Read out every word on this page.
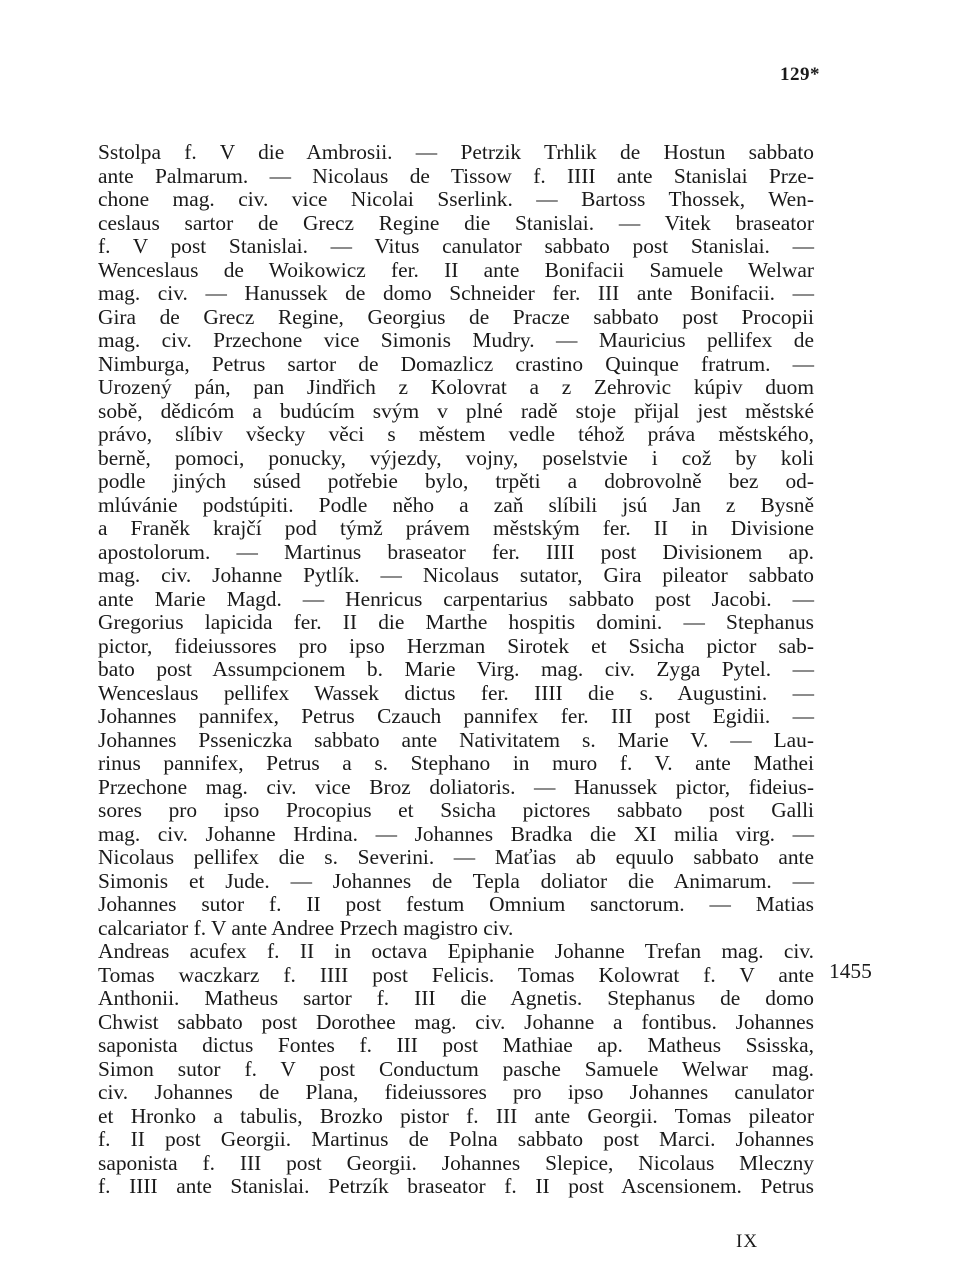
129*
Sstolpa f. V die Ambrosii. — Petrzik Trhlik de Hostun sabbato
ante Palmarum. — Nicolaus de Tissow f. IIII ante Stanislai Prze-
chone mag. civ. vice Nicolai Sserlink. — Bartoss Thossek, Wen-
ceslaus sartor de Grecz Regine die Stanislai. — Vitek braseator
f. V post Stanislai. — Vitus canulator sabbato post Stanislai. —
Wenceslaus de Woikowicz fer. II ante Bonifacii Samuele Welwar
mag. civ. — Hanussek de domo Schneider fer. III ante Bonifacii. —
Gira de Grecz Regine, Georgius de Pracze sabbato post Procopii
mag. civ. Przechone vice Simonis Mudry. — Mauricius pellifex de
Nimburga, Petrus sartor de Domazlicz crastino Quinque fratrum. —
Urozený pán, pan Jindřich z Kolovrat a z Zehrovic kúpiv duom
sobě, dědicóm a budúcím svým v plné radě stoje přijal jest městské
právo, slíbiv všecky věci s městem vedle téhož práva městského,
berně, pomoci, ponucky, výjezdy, vojny, poselstvie i což by koli
podle jiných súsed potřebie bylo, trpěti a dobrovolně bez od-
mlúvánie podstúpiti. Podle něho a zaň slíbili jsú Jan z Bysně
a Franěk krajčí pod týmž právem městským fer. II in Divisione
apostolorum. — Martinus braseator fer. IIII post Divisionem ap.
mag. civ. Johanne Pytlík. — Nicolaus sutator, Gira pileator sabbato
ante Marie Magd. — Henricus carpentarius sabbato post Jacobi. —
Gregorius lapicida fer. II die Marthe hospitis domini. — Stephanus
pictor, fideiussores pro ipso Herzman Sirotek et Ssicha pictor sab-
bato post Assumpcionem b. Marie Virg. mag. civ. Zyga Pytel. —
Wenceslaus pellifex Wassek dictus fer. IIII die s. Augustini. —
Johannes pannifex, Petrus Czauch pannifex fer. III post Egidii. —
Johannes Psseniczka sabbato ante Nativitatem s. Marie V. — Lau-
rinus pannifex, Petrus a s. Stephano in muro f. V. ante Mathei
Przechone mag. civ. vice Broz doliatoris. — Hanussek pictor, fideius-
sores pro ipso Procopius et Ssicha pictores sabbato post Galli
mag. civ. Johanne Hrdina. — Johannes Bradka die XI milia virg. —
Nicolaus pellifex die s. Severini. — Maťias ab equulo sabbato ante
Simonis et Jude. — Johannes de Tepla doliator die Animarum. —
Johannes sutor f. II post festum Omnium sanctorum. — Matias
calcariator f. V ante Andree Przech magistro civ.
Andreas acufex f. II in octava Epiphanie Johanne Trefan mag. civ.
Tomas waczkarz f. IIII post Felicis. Tomas Kolowrat f. V ante
Anthonii. Matheus sartor f. III die Agnetis. Stephanus de domo
Chwist sabbato post Dorothee mag. civ. Johanne a fontibus. Johannes
saponista dictus Fontes f. III post Mathiae ap. Matheus Ssisska,
Simon sutor f. V post Conductum pasche Samuele Welwar mag.
civ. Johannes de Plana, fideiussores pro ipso Johannes canulator
et Hronko a tabulis, Brozko pistor f. III ante Georgii. Tomas pileator
f. II post Georgii. Martinus de Polna sabbato post Marci. Johannes
saponista f. III post Georgii. Johannes Slepice, Nicolaus Mleczny
f. IIII ante Stanislai. Petrzík braseator f. II post Ascensionem. Petrus
1455
IX
